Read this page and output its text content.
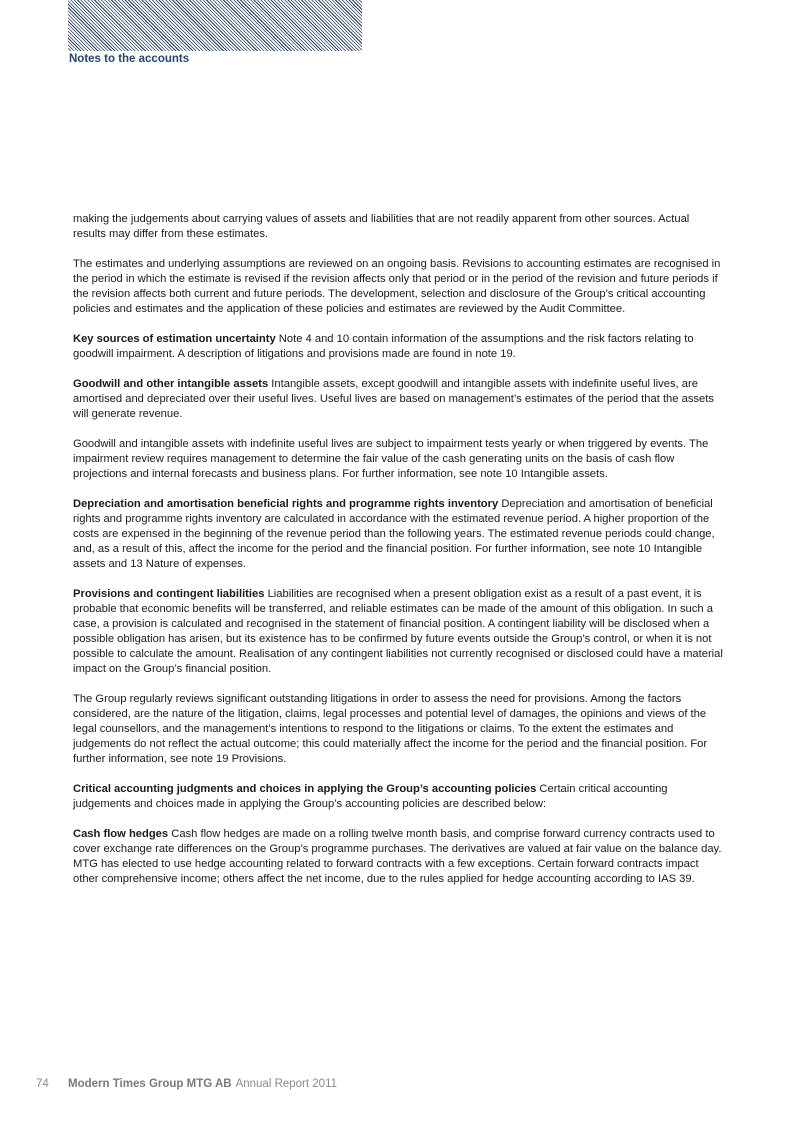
Notes to the accounts

making the judgements about carrying values of assets and liabilities that are not readily apparent from other sources. Actual results may differ from these estimates.

The estimates and underlying assumptions are reviewed on an ongoing basis. Revisions to accounting estimates are recognised in the period in which the estimate is revised if the revision affects only that period or in the period of the revision and future periods if the revision affects both current and future periods. The development, selection and disclosure of the Group’s critical accounting policies and estimates and the application of these policies and estimates are reviewed by the Audit Committee.

Key sources of estimation uncertainty Note 4 and 10 contain information of the assumptions and the risk factors relating to goodwill impairment. A description of litigations and provisions made are found in note 19.

Goodwill and other intangible assets Intangible assets, except goodwill and intangible assets with indefinite useful lives, are amortised and depreciated over their useful lives. Useful lives are based on management’s estimates of the period that the assets will generate revenue.

Goodwill and intangible assets with indefinite useful lives are subject to impairment tests yearly or when triggered by events. The impairment review requires management to determine the fair value of the cash generating units on the basis of cash flow projections and internal forecasts and business plans. For further information, see note 10 Intangible assets.

Depreciation and amortisation beneficial rights and programme rights inventory Depreciation and amortisation of beneficial rights and programme rights inventory are calculated in accordance with the estimated revenue period. A higher proportion of the costs are expensed in the beginning of the revenue period than the following years. The estimated revenue periods could change, and, as a result of this, affect the income for the period and the financial position. For further information, see note 10 Intangible assets and 13 Nature of expenses.

Provisions and contingent liabilities Liabilities are recognised when a present obligation exist as a result of a past event, it is probable that economic benefits will be transferred, and reliable estimates can be made of the amount of this obligation. In such a case, a provision is calculated and recognised in the statement of financial position. A contingent liability will be disclosed when a possible obligation has arisen, but its existence has to be confirmed by future events outside the Group’s control, or when it is not possible to calculate the amount. Realisation of any contingent liabilities not currently recognised or disclosed could have a material impact on the Group’s financial position.

The Group regularly reviews significant outstanding litigations in order to assess the need for provisions. Among the factors considered, are the nature of the litigation, claims, legal processes and potential level of damages, the opinions and views of the legal counsellors, and the management’s intentions to respond to the litigations or claims. To the extent the estimates and judgements do not reflect the actual outcome; this could materially affect the income for the period and the financial position. For further information, see note 19 Provisions.

Critical accounting judgments and choices in applying the Group’s accounting policies Certain critical accounting judgements and choices made in applying the Group’s accounting policies are described below:

Cash flow hedges Cash flow hedges are made on a rolling twelve month basis, and comprise forward currency contracts used to cover exchange rate differences on the Group’s programme purchases. The derivatives are valued at fair value on the balance day. MTG has elected to use hedge accounting related to forward contracts with a few exceptions. Certain forward contracts impact other comprehensive income; others affect the net income, due to the rules applied for hedge accounting according to IAS 39.

74 Modern Times Group MTG AB Annual Report 2011
